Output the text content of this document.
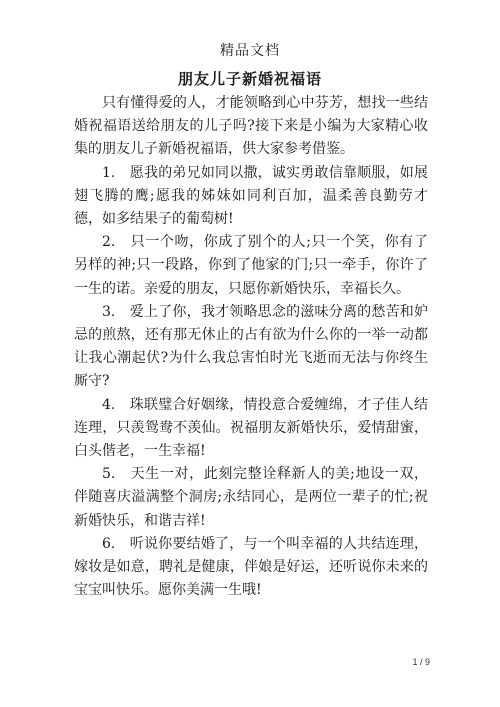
精品文档
朋友儿子新婚祝福语

只有懂得爱的人，才能领略到心中芬芳，想找一些结婚祝福语送给朋友的儿子吗?接下来是小编为大家精心收集的朋友儿子新婚祝福语，供大家参考借鉴。

1.　愿我的弟兄如同以撒，诚实勇敢信靠顺服，如展翅飞腾的鹰;愿我的姊妹如同利百加，温柔善良勤劳才德，如多结果子的葡萄树!

2.　只一个吻，你成了别个的人;只一个笑，你有了另样的神;只一段路，你到了他家的门;只一牵手，你许了一生的诺。亲爱的朋友，只愿你新婚快乐，幸福长久。

3.　爱上了你，我才领略思念的滋味分离的愁苦和妒忌的煎熬，还有那无休止的占有欲为什么你的一举一动都让我心潮起伏?为什么我总害怕时光飞逝而无法与你终生厮守?

4.　珠联璧合好姻缘，情投意合爱缠绵，才子佳人结连理，只羡鸳鸯不羡仙。祝福朋友新婚快乐，爱情甜蜜，白头偕老，一生幸福!

5.　天生一对，此刻完整诠释新人的美;地设一双，伴随喜庆溢满整个洞房;永结同心，是两位一辈子的忙;祝新婚快乐，和谐吉祥!

6.　听说你要结婚了，与一个叫幸福的人共结连理，嫁妆是如意，聘礼是健康，伴娘是好运，还听说你未来的宝宝叫快乐。愿你美满一生哦!

1 / 9
